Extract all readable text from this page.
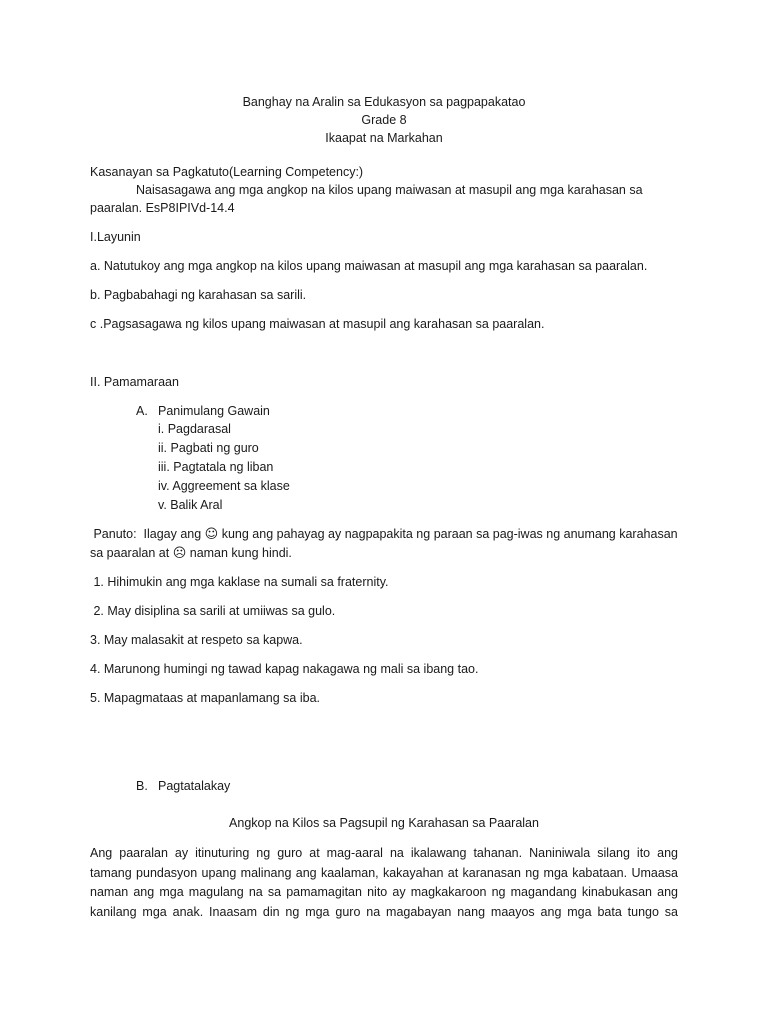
Banghay na Aralin sa Edukasyon sa pagpapakatao
Grade 8
Ikaapat na Markahan
Kasanayan sa Pagkatuto(Learning Competency:)
Naisasagawa ang mga angkop na kilos upang maiwasan at masupil ang mga karahasan sa
paaralan. EsP8IPIVd-14.4
I.Layunin
a. Natutukoy ang mga angkop na kilos upang maiwasan at masupil ang mga karahasan sa paaralan.
b. Pagbabahagi ng karahasan sa sarili.
c .Pagsasagawa ng kilos upang maiwasan at masupil ang karahasan sa paaralan.
II. Pamamaraan
A. Panimulang Gawain
i. Pagdarasal
ii. Pagbati ng guro
iii. Pagtatala ng liban
iv. Aggreement sa klase
v. Balik Aral
Panuto:  Ilagay ang ☺ kung ang pahayag ay nagpapakita ng paraan sa pag-iwas ng anumang karahasan
sa paaralan at ☹ naman kung hindi.
1. Hihimukin ang mga kaklase na sumali sa fraternity.
2. May disiplina sa sarili at umiiwas sa gulo.
3. May malasakit at respeto sa kapwa.
4. Marunong humingi ng tawad kapag nakagawa ng mali sa ibang tao.
5. Mapagmataas at mapanlamang sa iba.
B. Pagtatalakay
Angkop na Kilos sa Pagsupil ng Karahasan sa Paaralan
Ang paaralan ay itinuturing ng guro at mag-aaral na ikalawang tahanan. Naniniwala silang ito ang
tamang pundasyon upang malinang ang kaalaman, kakayahan at karanasan ng mga kabataan. Umaasa
naman ang mga magulang na sa pamamagitan nito ay magkakaroon ng magandang kinabukasan ang
kanilang mga anak. Inaasam din ng mga guro na magabayan nang maayos ang mga bata tungo sa
